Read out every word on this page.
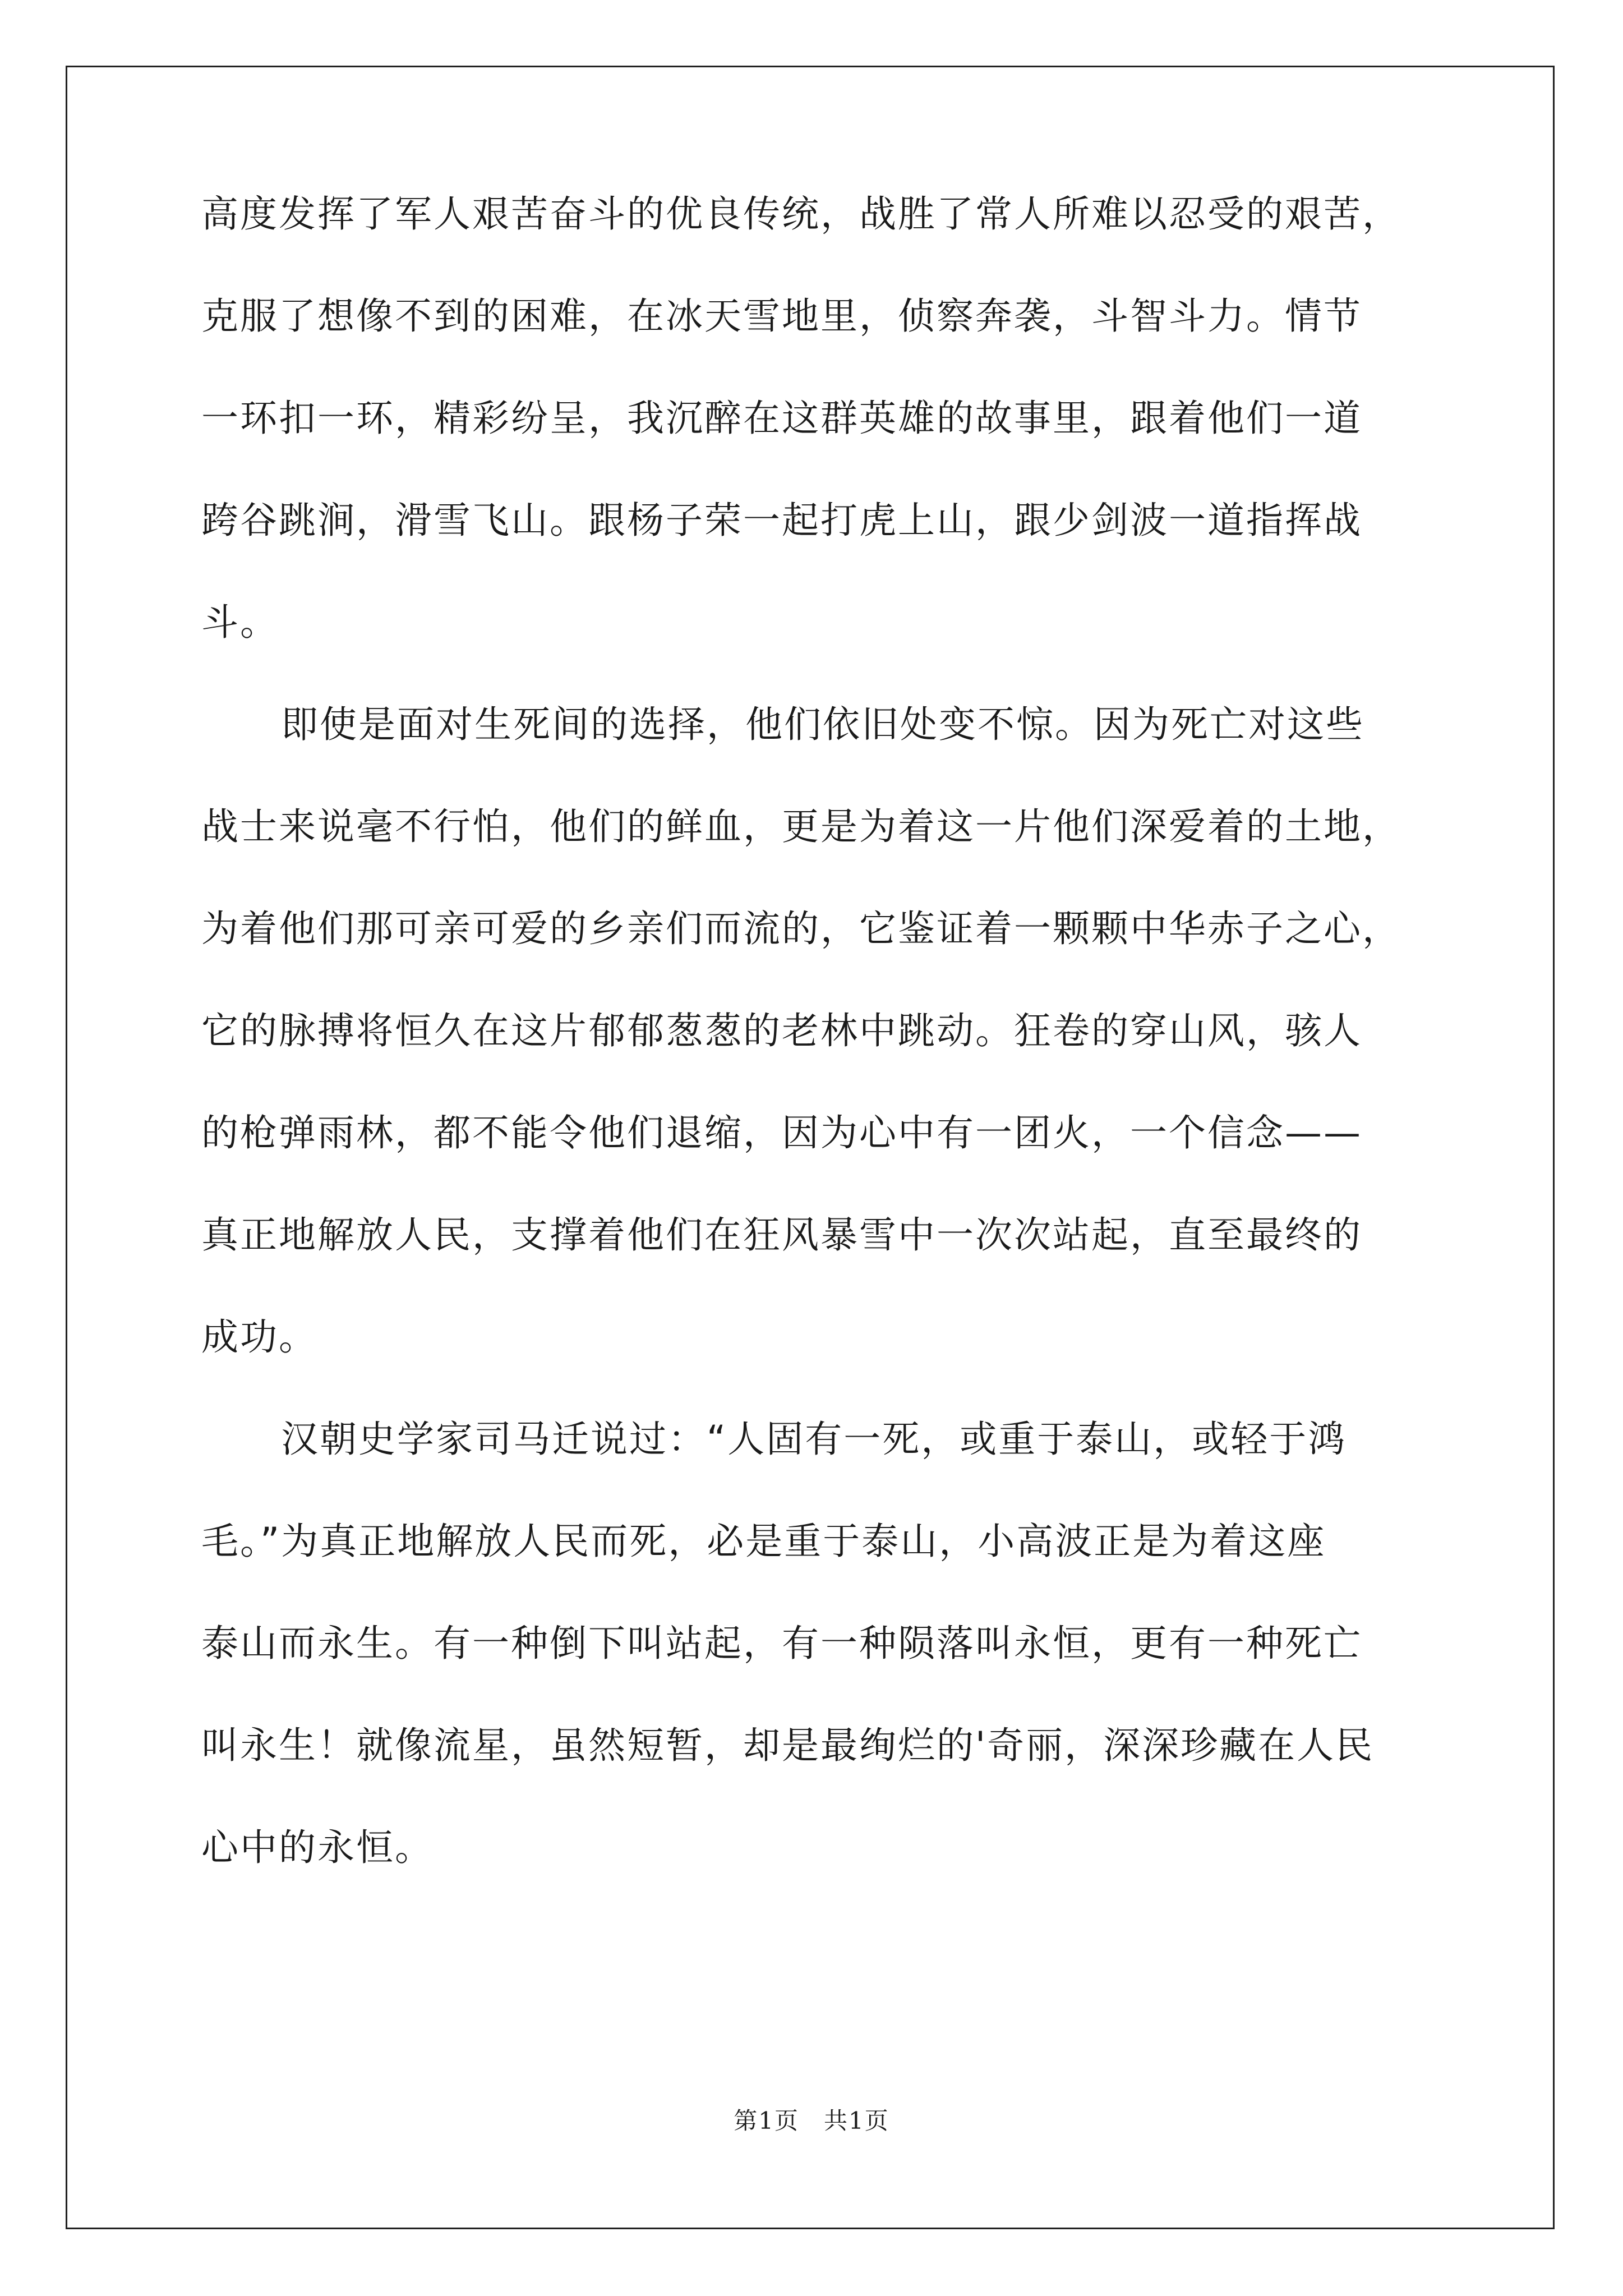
高度发挥了军人艰苦奋斗的优良传统，战胜了常人所难以忍受的艰苦，
克服了想像不到的困难，在冰天雪地里，侦察奔袭，斗智斗力。情节
一环扣一环，精彩纷呈，我沉醉在这群英雄的故事里，跟着他们一道
跨谷跳涧，滑雪飞山。跟杨子荣一起打虎上山，跟少剑波一道指挥战
斗。
即使是面对生死间的选择，他们依旧处变不惊。因为死亡对这些
战士来说毫不行怕，他们的鲜血，更是为着这一片他们深爱着的土地，
为着他们那可亲可爱的乡亲们而流的，它鉴证着一颗颗中华赤子之心，
它的脉搏将恒久在这片郁郁葱葱的老林中跳动。狂卷的穿山风，骇人
的枪弹雨林，都不能令他们退缩，因为心中有一团火，一个信念——
真正地解放人民，支撑着他们在狂风暴雪中一次次站起，直至最终的
成功。
汉朝史学家司马迁说过：“人固有一死，或重于泰山，或轻于鸿
毛。”为真正地解放人民而死，必是重于泰山，小高波正是为着这座
泰山而永生。有一种倒下叫站起，有一种陨落叫永恒，更有一种死亡
叫永生！就像流星，虽然短暂，却是最绚烂的'奇丽，深深珍藏在人民
心中的永恒。
第1页　共1页
